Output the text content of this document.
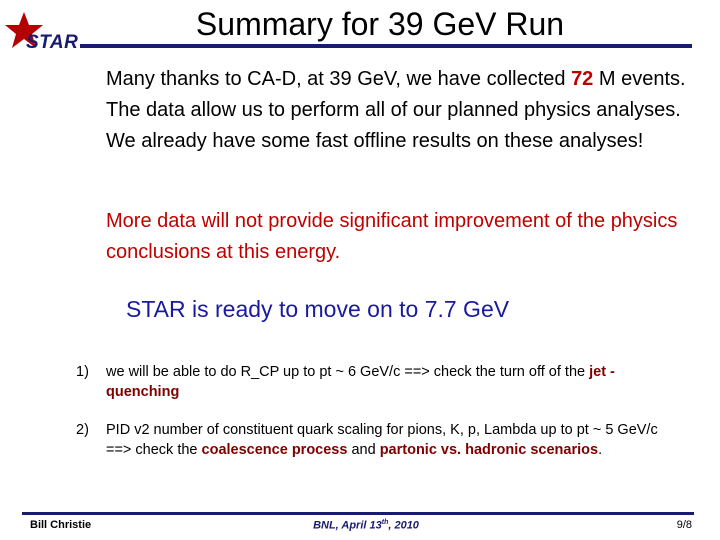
STAR
Summary for 39 GeV Run
Many thanks to CA-D, at 39 GeV, we have collected 72 M events. The data allow us to perform all of our planned physics analyses. We already have some fast offline results on these analyses!
More data will not provide significant improvement of the physics conclusions at this energy.
STAR is ready to move on to 7.7 GeV
1) we will be able to do R_CP up to pt ~ 6 GeV/c ==> check the turn off of the jet -quenching
2) PID v2 number of constituent quark scaling for pions, K, p, Lambda up to pt ~ 5 GeV/c ==> check the coalescence process and partonic vs. hadronic scenarios.
Bill Christie	BNL, April 13th, 2010	9/8
